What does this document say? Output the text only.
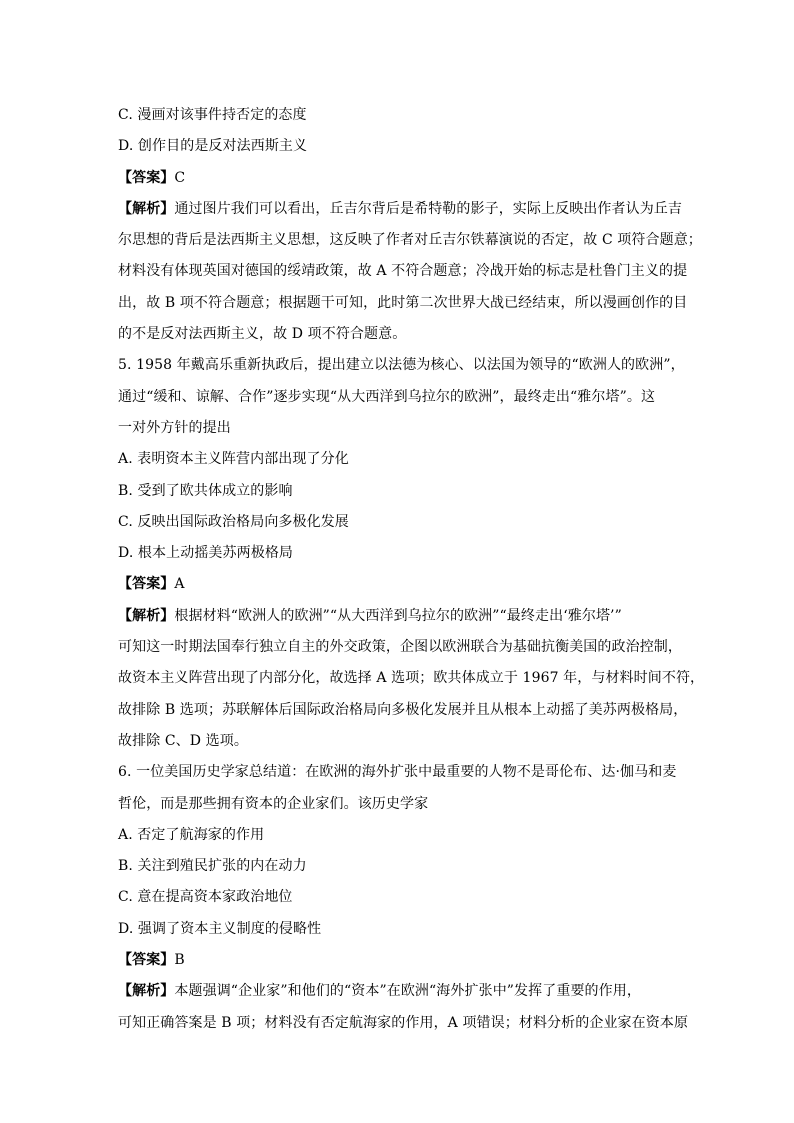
C. 漫画对该事件持否定的态度
D. 创作目的是反对法西斯主义
【答案】C
【解析】通过图片我们可以看出，丘吉尔背后是希特勒的影子，实际上反映出作者认为丘吉
尔思想的背后是法西斯主义思想，这反映了作者对丘吉尔铁幕演说的否定，故 C 项符合题意；
材料没有体现英国对德国的绥靖政策，故 A 不符合题意；冷战开始的标志是杜鲁门主义的提
出，故 B 项不符合题意；根据题干可知，此时第二次世界大战已经结束，所以漫画创作的目
的不是反对法西斯主义，故 D 项不符合题意。
5. 1958 年戴高乐重新执政后，提出建立以法德为核心、以法国为领导的“欧洲人的欧洲”，
通过“缓和、谅解、合作”逐步实现“从大西洋到乌拉尔的欧洲”，最终走出“雅尔塔”。这
一对外方针的提出
A. 表明资本主义阵营内部出现了分化
B. 受到了欧共体成立的影响
C. 反映出国际政治格局向多极化发展
D. 根本上动摇美苏两极格局
【答案】A
【解析】根据材料“欧洲人的欧洲”“从大西洋到乌拉尔的欧洲”“最终走出‘雅尔塔’”
可知这一时期法国奉行独立自主的外交政策，企图以欧洲联合为基础抗衡美国的政治控制，
故资本主义阵营出现了内部分化，故选择 A 选项；欧共体成立于 1967 年，与材料时间不符，
故排除 B 选项；苏联解体后国际政治格局向多极化发展并且从根本上动摇了美苏两极格局，
故排除 C、D 选项。
6. 一位美国历史学家总结道：在欧洲的海外扩张中最重要的人物不是哥伦布、达·伽马和麦
哲伦，而是那些拥有资本的企业家们。该历史学家
A. 否定了航海家的作用
B. 关注到殖民扩张的内在动力
C. 意在提高资本家政治地位
D. 强调了资本主义制度的侵略性
【答案】B
【解析】本题强调“企业家”和他们的“资本”在欧洲“海外扩张中”发挥了重要的作用，
可知正确答案是 B 项；材料没有否定航海家的作用，A 项错误；材料分析的企业家在资本原
